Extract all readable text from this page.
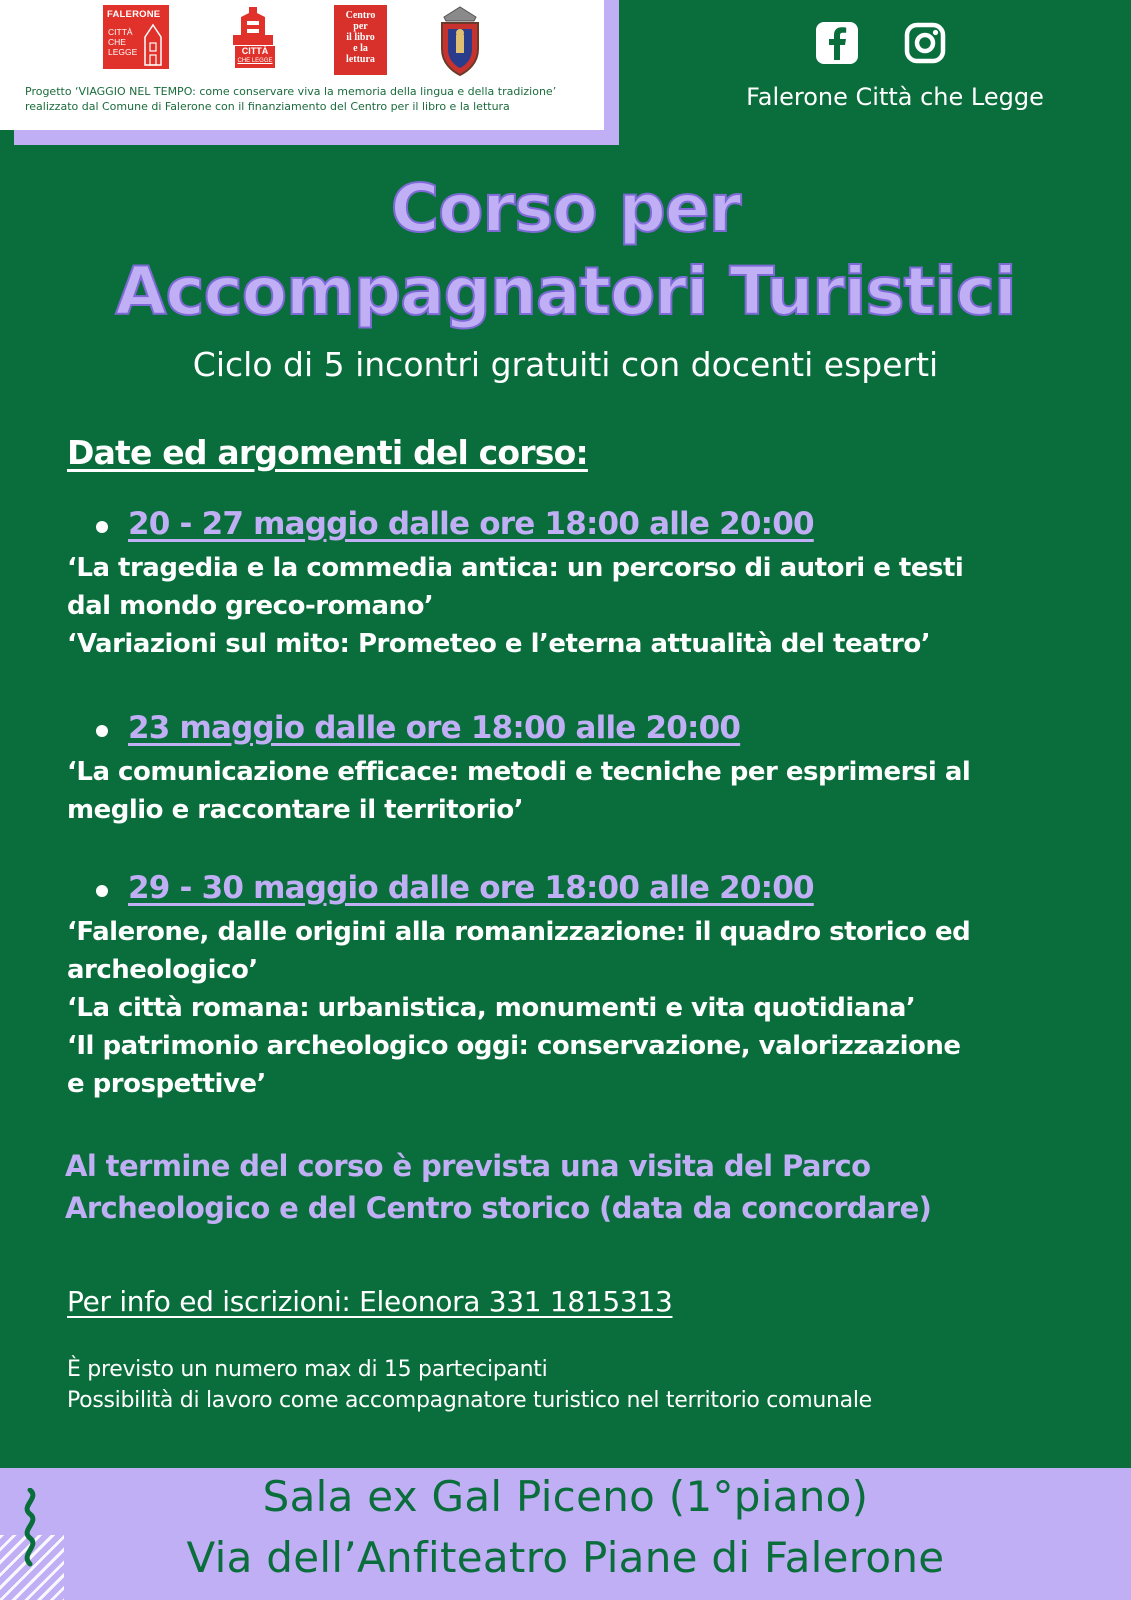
FALERONE
CITTÀ
CHE
LEGGE	CITTÀ
CHE LEGGE
Centro
per
il libro
e la
lettura
Progetto ‘VIAGGIO NEL TEMPO: come conservare viva la memoria della lingua e della tradizione’
realizzato dal Comune di Falerone con il finanziamento del Centro per il libro e la lettura	Falerone Città che Legge
Corso per
Accompagnatori Turistici
Ciclo di 5 incontri gratuiti con docenti esperti
Date ed argomenti del corso:
20 - 27 maggio dalle ore 18:00 alle 20:00
‘La tragedia e la commedia antica: un percorso di autori e testi
dal mondo greco-romano’
‘Variazioni sul mito: Prometeo e l’eterna attualità del teatro’
23 maggio dalle ore 18:00 alle 20:00
‘La comunicazione efficace: metodi e tecniche per esprimersi al
meglio e raccontare il territorio’
29 - 30 maggio dalle ore 18:00 alle 20:00
‘Falerone, dalle origini alla romanizzazione: il quadro storico ed
archeologico’
‘La città romana: urbanistica, monumenti e vita quotidiana’
‘Il patrimonio archeologico oggi: conservazione, valorizzazione
e prospettive’
Al termine del corso è prevista una visita del Parco
Archeologico e del Centro storico (data da concordare)
Per info ed iscrizioni: Eleonora 331 1815313
È previsto un numero max di 15 partecipanti
Possibilità di lavoro come accompagnatore turistico nel territorio comunale
Sala ex Gal Piceno (1°piano)
Via dell’Anfiteatro Piane di Falerone
